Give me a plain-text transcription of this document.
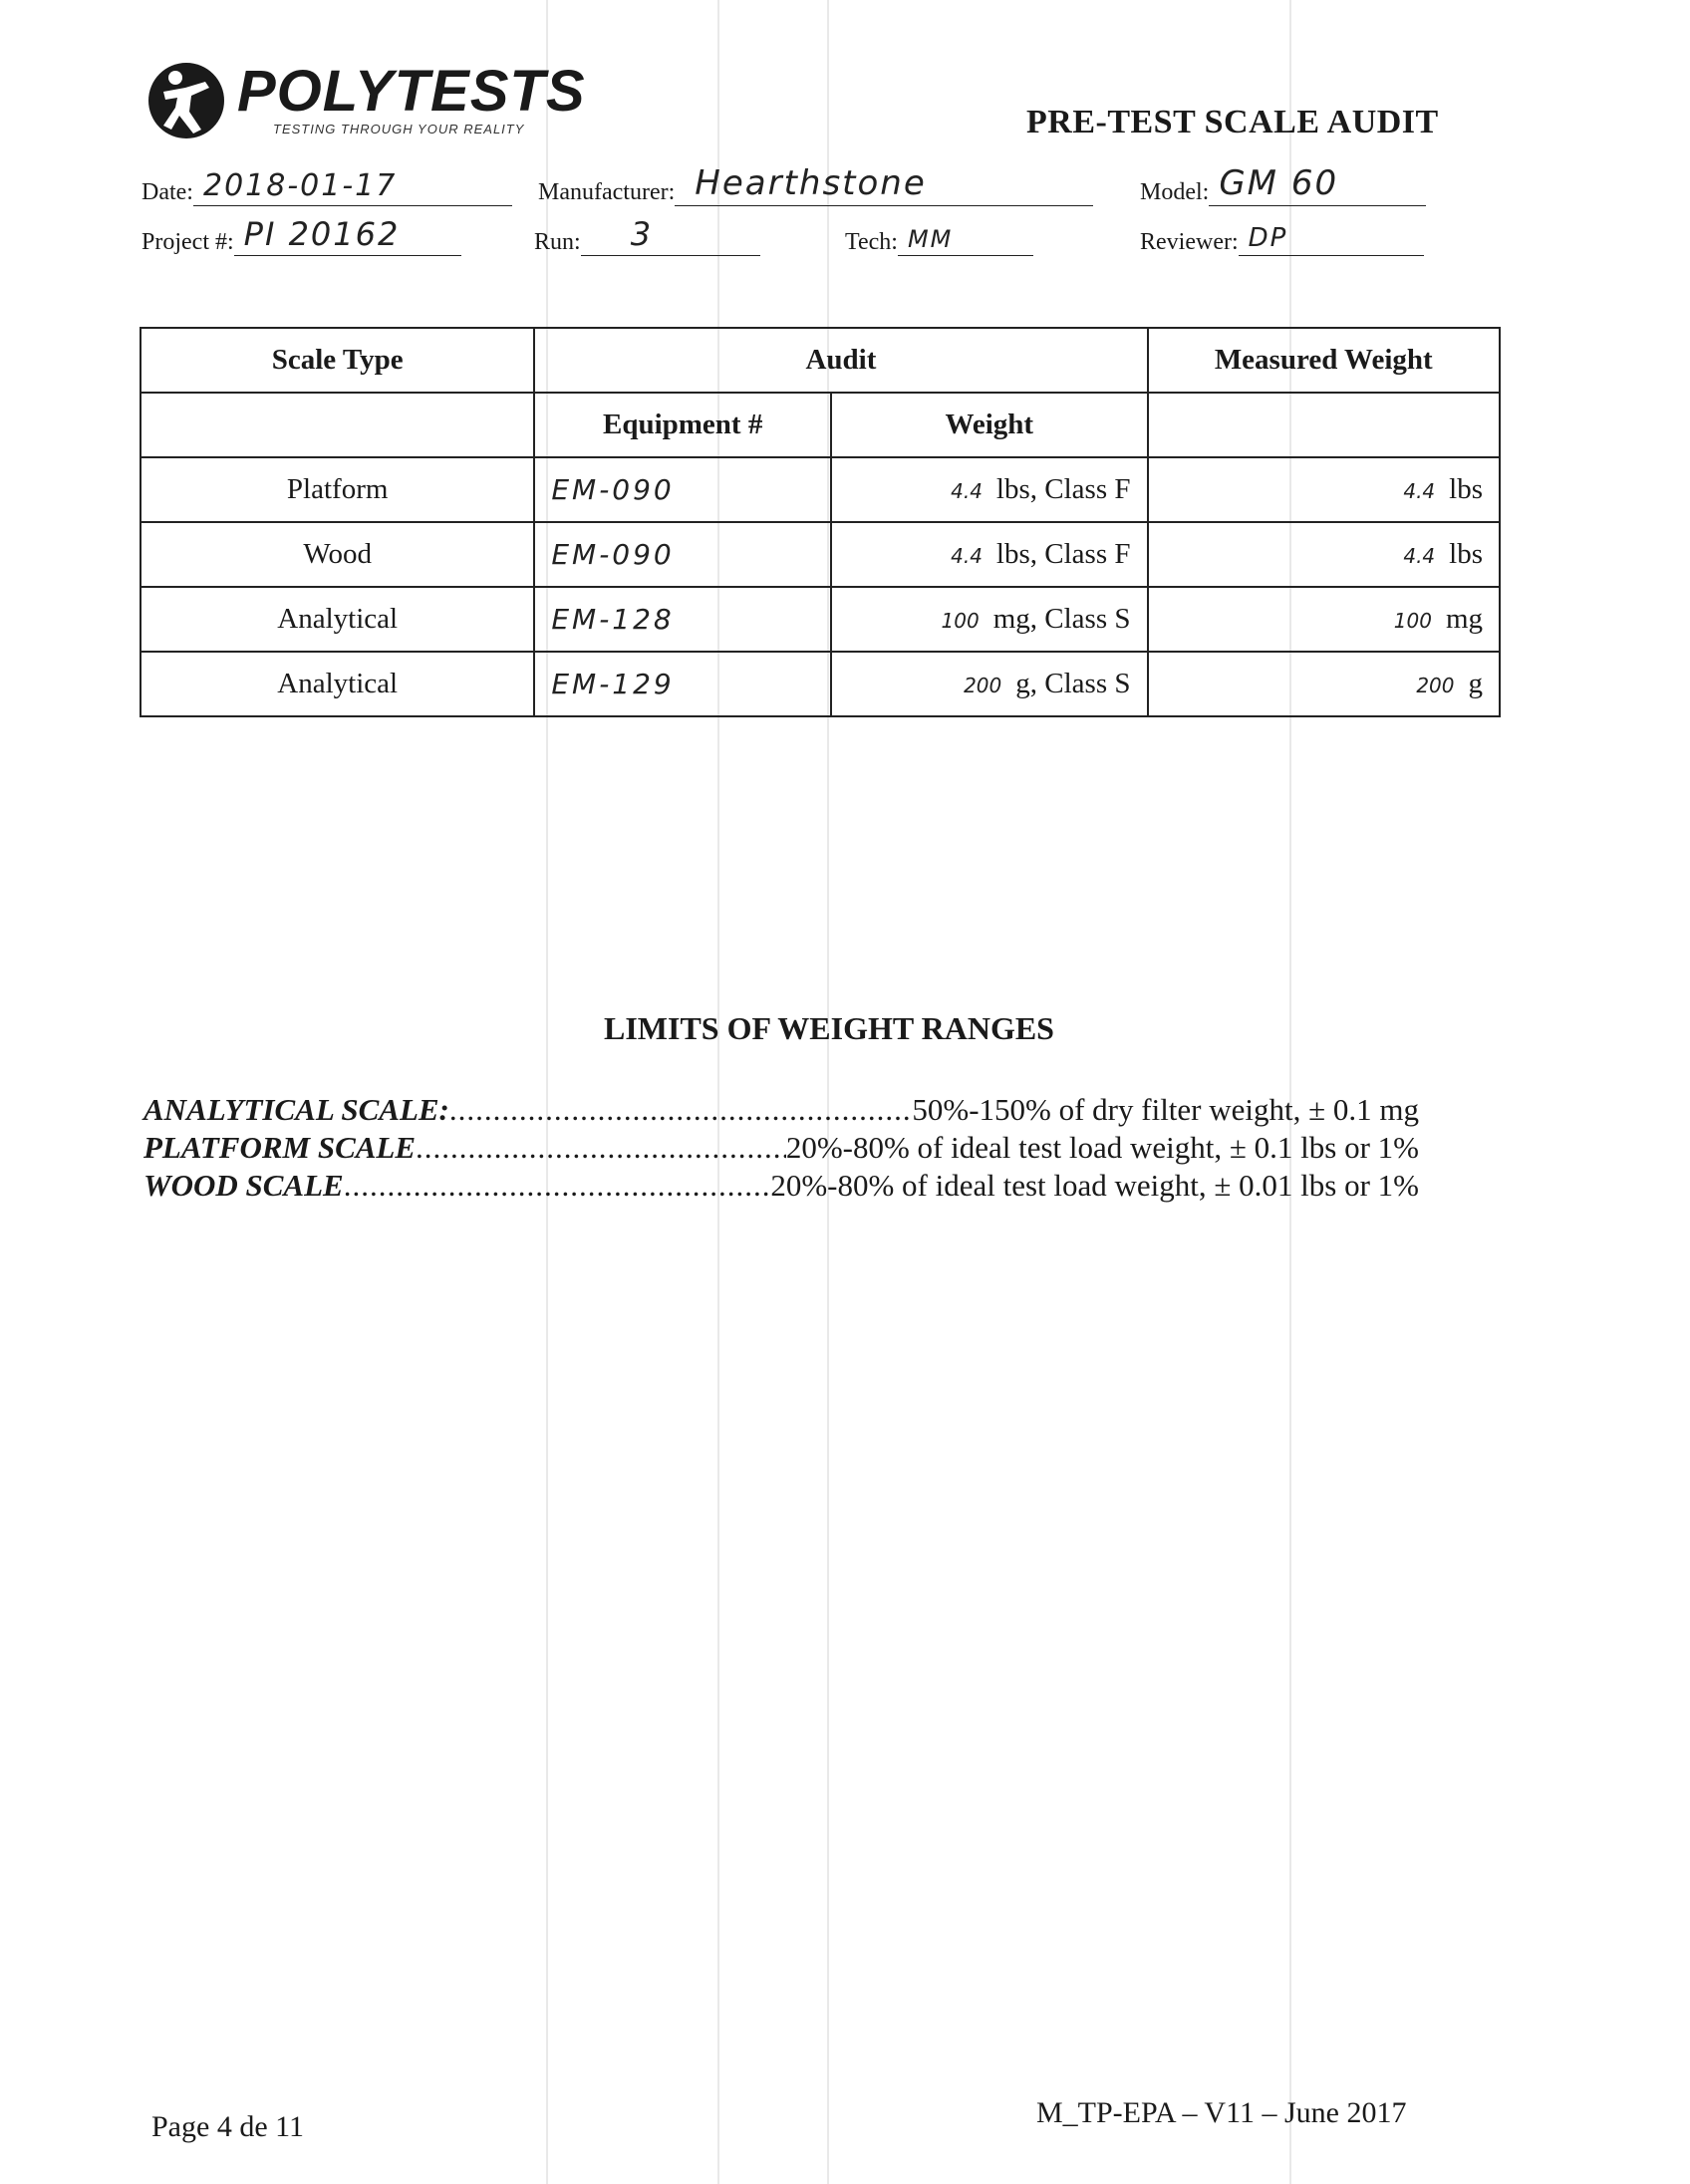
POLYTESTS
TESTING THROUGH YOUR REALITY	PRE-TEST SCALE AUDIT
Date: 2018-01-17	Manufacturer: Hearthstone	Model: GM 60
Project #: PI 20162	Run: 3	Tech: MM	Reviewer: DP
Scale Type	Audit		Measured Weight
	Equipment #	Weight	
Platform	EM-090	4.4 lbs, Class F	4.4 lbs
Wood	EM-090	4.4 lbs, Class F	4.4 lbs
Analytical	EM-128	100 mg, Class S	100 mg
Analytical	EM-129	200 g, Class S	200 g
LIMITS OF WEIGHT RANGES
ANALYTICAL SCALE: .....	50%-150% of dry filter weight, ± 0.1 mg
PLATFORM SCALE .....	20%-80% of ideal test load weight, ± 0.1 lbs or 1%
WOOD SCALE .....	20%-80% of ideal test load weight, ± 0.01 lbs or 1%
Page 4 de 11	M_TP-EPA – V11 – June 2017
